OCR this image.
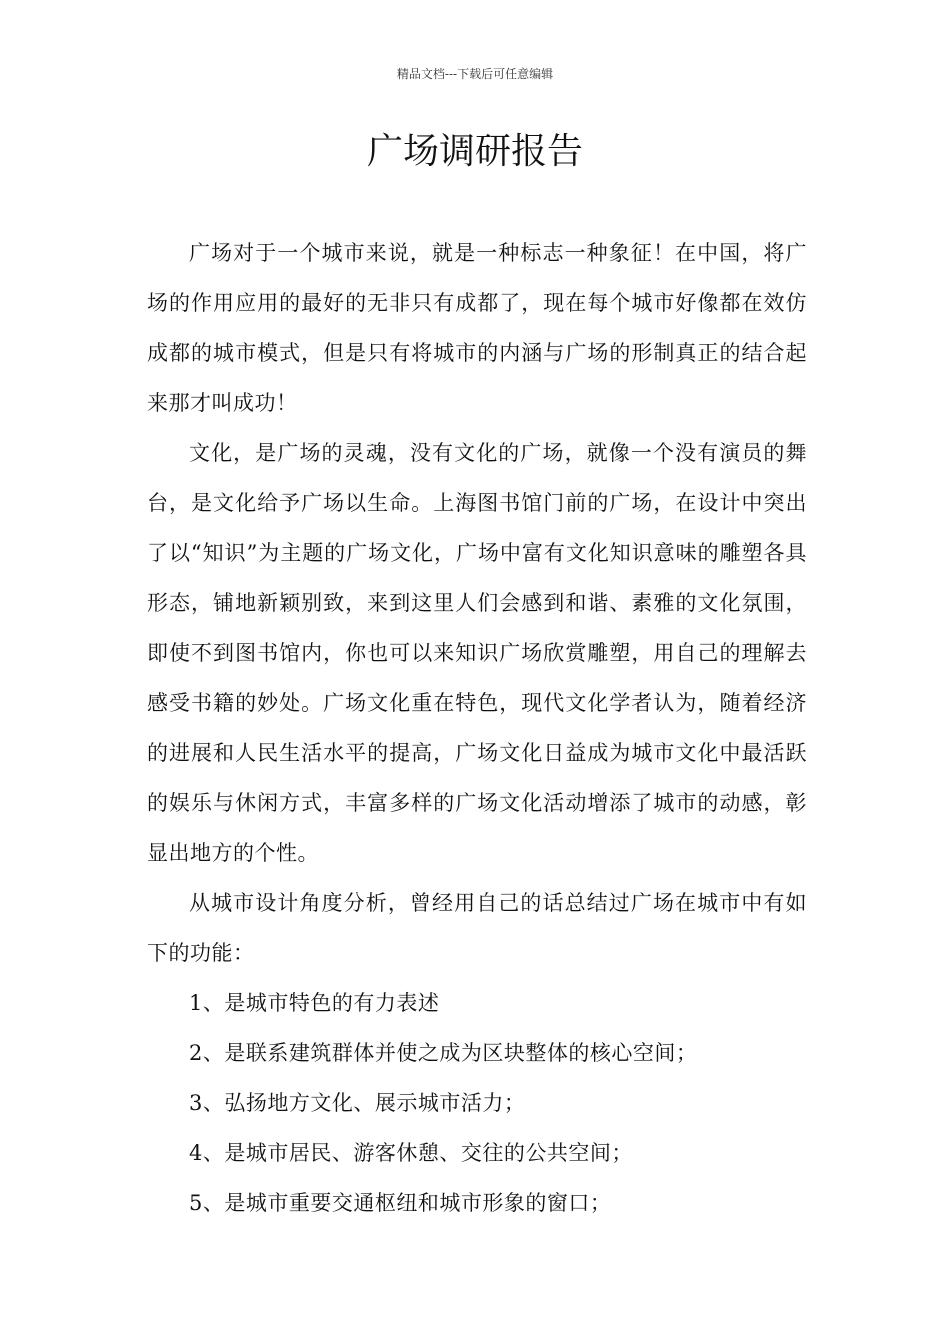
精品文档---下载后可任意编辑
广场调研报告

广场对于一个城市来说，就是一种标志一种象征！在中国，将广场的作用应用的最好的无非只有成都了，现在每个城市好像都在效仿成都的城市模式，但是只有将城市的内涵与广场的形制真正的结合起来那才叫成功！

文化，是广场的灵魂，没有文化的广场，就像一个没有演员的舞台，是文化给予广场以生命。上海图书馆门前的广场，在设计中突出了以“知识”为主题的广场文化，广场中富有文化知识意味的雕塑各具形态，铺地新颖别致，来到这里人们会感到和谐、素雅的文化氛围，即使不到图书馆内，你也可以来知识广场欣赏雕塑，用自己的理解去感受书籍的妙处。广场文化重在特色，现代文化学者认为，随着经济的进展和人民生活水平的提高，广场文化日益成为城市文化中最活跃的娱乐与休闲方式，丰富多样的广场文化活动增添了城市的动感，彰显出地方的个性。

从城市设计角度分析，曾经用自己的话总结过广场在城市中有如下的功能：

1、是城市特色的有力表述

2、是联系建筑群体并使之成为区块整体的核心空间；

3、弘扬地方文化、展示城市活力；

4、是城市居民、游客休憩、交往的公共空间；

5、是城市重要交通枢纽和城市形象的窗口；
